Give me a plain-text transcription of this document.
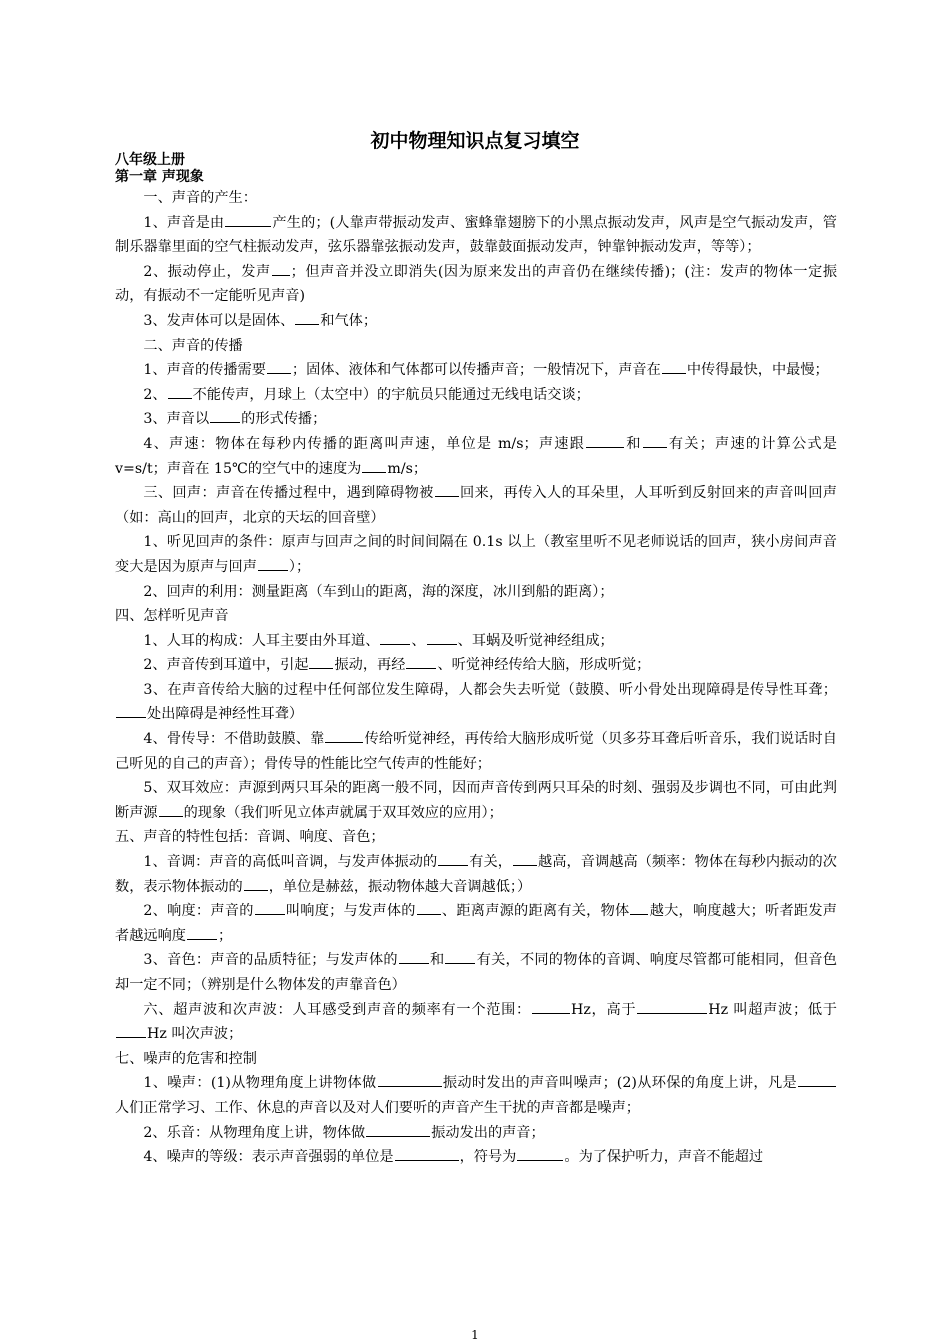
初中物理知识点复习填空
八年级上册
第一章 声现象

一、声音的产生：

1、声音是由	产生的；(人靠声带振动发声、蜜蜂靠翅膀下的小黑点振动发声，风声是空气振动发声，管制乐器靠里面的空气柱振动发声，弦乐器靠弦振动发声，鼓靠鼓面振动发声，钟靠钟振动发声，等等）；

2、振动停止，发声 ；但声音并没立即消失(因为原来发出的声音仍在继续传播)；(注：发声的物体一定振动，有振动不一定能听见声音)

3、发声体可以是固体、 和气体；

二、声音的传播

1、声音的传播需要 ；固体、液体和气体都可以传播声音；一般情况下，声音在 中传得最快，中最慢；

2、 不能传声，月球上（太空中）的宇航员只能通过无线电话交谈；

3、声音以 的形式传播；

4、声速：物体在每秒内传播的距离叫声速，单位是 m/s；声速跟	和 有关；声速的计算公式是 v=s/t；声音在 15℃的空气中的速度为 m/s；

三、回声：声音在传播过程中，遇到障碍物被 回来，再传入人的耳朵里，人耳听到反射回来的声音叫回声（如：高山的回声，北京的天坛的回音壁）

1、听见回声的条件：原声与回声之间的时间间隔在 0.1s 以上（教室里听不见老师说话的回声，狭小房间声音变大是因为原声与回声 ）；

2、回声的利用：测量距离（车到山的距离，海的深度，冰川到船的距离）；

四、怎样听见声音

1、人耳的构成：人耳主要由外耳道、 、 、耳蜗及听觉神经组成；

2、声音传到耳道中，引起 振动，再经 、听觉神经传给大脑，形成听觉；

3、在声音传给大脑的过程中任何部位发生障碍，人都会失去听觉（鼓膜、听小骨处出现障碍是传导性耳聋；处出障碍是神经性耳聋）

4、骨传导：不借助鼓膜、靠	传给听觉神经，再传给大脑形成听觉（贝多芬耳聋后听音乐，我们说话时自己听见的自己的声音）；骨传导的性能比空气传声的性能好；

5、双耳效应：声源到两只耳朵的距离一般不同，因而声音传到两只耳朵的时刻、强弱及步调也不同，可由此判断声源 的现象（我们听见立体声就属于双耳效应的应用）；

五、声音的特性包括：音调、响度、音色；

1、音调：声音的高低叫音调，与发声体振动的 有关， 越高，音调越高（频率：物体在每秒内振动的次数，表示物体振动的 ，单位是赫兹，振动物体越大音调越低；）

2、响度：声音的 叫响度；与发声体的 、距离声源的距离有关，物体 越大，响度越大；听者距发声者越远响度 ；

3、音色：声音的品质特征；与发声体的 和 有关，不同的物体的音调、响度尽管都可能相同，但音色却一定不同；（辨别是什么物体发的声靠音色）

六、超声波和次声波：人耳感受到声音的频率有一个范围：	Hz，高于	Hz 叫超声波；低于Hz 叫次声波；

七、噪声的危害和控制

1、噪声：(1)从物理角度上讲物体做	振动时发出的声音叫噪声；(2)从环保的角度上讲，凡是人们正常学习、工作、休息的声音以及对人们要听的声音产生干扰的声音都是噪声；

2、乐音：从物理角度上讲，物体做	振动发出的声音；

4、噪声的等级：表示声音强弱的单位是	，符号为	。为了保护听力，声音不能超过

1
